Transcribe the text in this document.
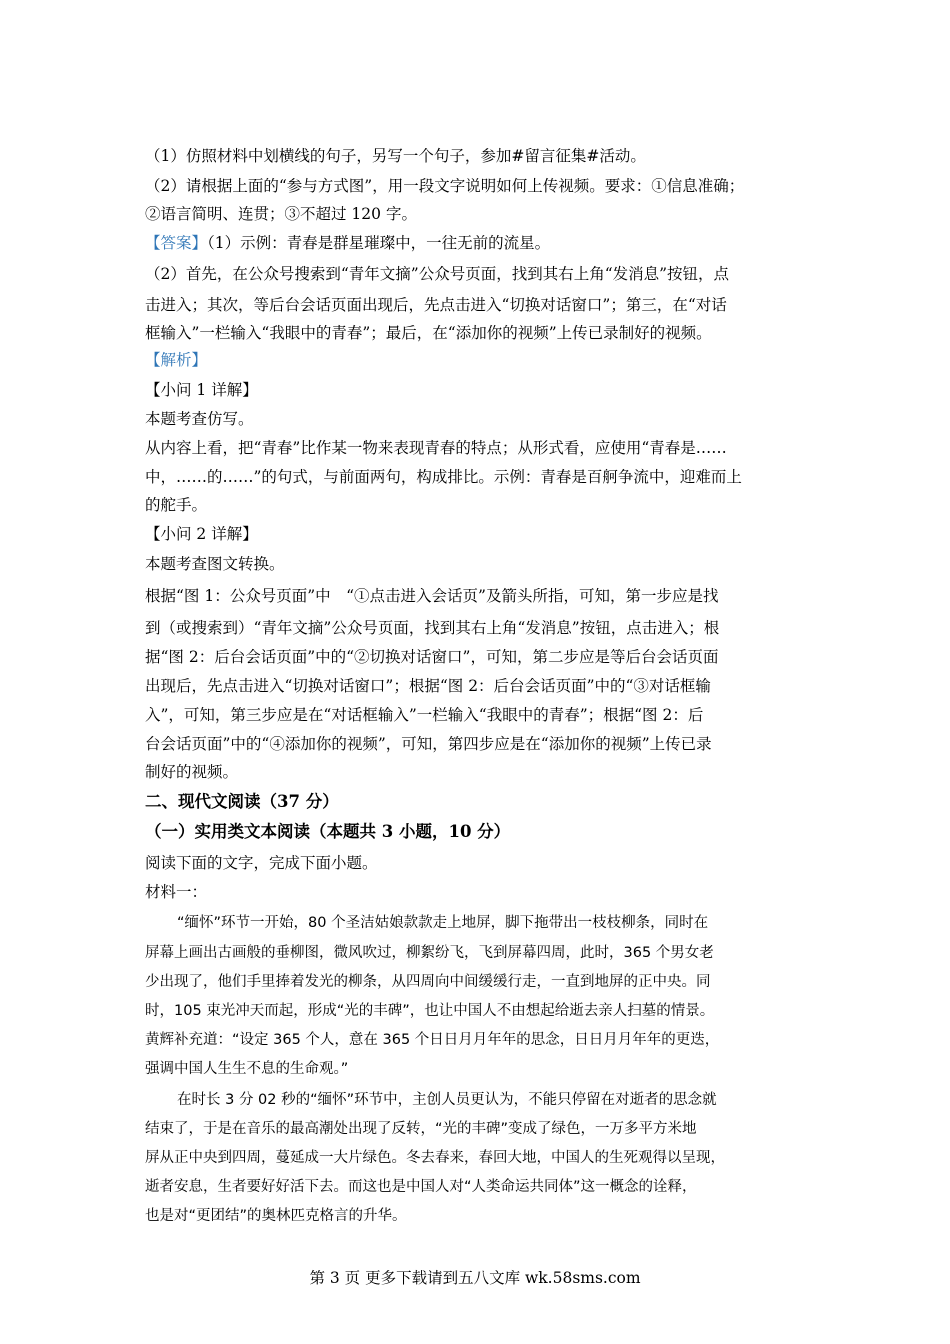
（1）仿照材料中划横线的句子，另写一个句子，参加#留言征集#活动。
（2）请根据上面的“参与方式图”，用一段文字说明如何上传视频。要求：①信息准确；
②语言简明、连贯；③不超过 120 字。
【答案】（1）示例：青春是群星璀璨中，一往无前的流星。
（2）首先，在公众号搜索到“青年文摘”公众号页面，找到其右上角“发消息”按钮，点
击进入；其次，等后台会话页面出现后，先点击进入“切换对话窗口”；第三，在“对话
框输入”一栏输入“我眼中的青春”；最后，在“添加你的视频”上传已录制好的视频。
【解析】
【小问 1 详解】
本题考查仿写。
从内容上看，把“青春”比作某一物来表现青春的特点；从形式看，应使用“青春是……
中，……的……”的句式，与前面两句，构成排比。示例：青春是百舸争流中，迎难而上
的舵手。
【小问 2 详解】
本题考查图文转换。
根据“图 1：公众号页面”中　“①点击进入会话页”及箭头所指，可知，第一步应是找
到（或搜索到）“青年文摘”公众号页面，找到其右上角“发消息”按钮，点击进入；根
据“图 2：后台会话页面”中的“②切换对话窗口”，可知，第二步应是等后台会话页面
出现后，先点击进入“切换对话窗口”；根据“图 2：后台会话页面”中的“③对话框输
入”，可知，第三步应是在“对话框输入”一栏输入“我眼中的青春”；根据“图 2：后
台会话页面”中的“④添加你的视频”，可知，第四步应是在“添加你的视频”上传已录
制好的视频。
二、现代文阅读（37 分）
（一）实用类文本阅读（本题共 3 小题，10 分）
阅读下面的文字，完成下面小题。
材料一：
“缅怀”环节一开始，80 个圣洁姑娘款款走上地屏，脚下拖带出一枝枝柳条，同时在
屏幕上画出古画般的垂柳图，微风吹过，柳絮纷飞，飞到屏幕四周，此时，365 个男女老
少出现了，他们手里捧着发光的柳条，从四周向中间缓缓行走，一直到地屏的正中央。同
时，105 束光冲天而起，形成“光的丰碑”，也让中国人不由想起给逝去亲人扫墓的情景。
黄辉补充道：“设定 365 个人，意在 365 个日日月月年年的思念，日日月月年年的更迭，
强调中国人生生不息的生命观。”
在时长 3 分 02 秒的“缅怀”环节中，主创人员更认为，不能只停留在对逝者的思念就
结束了，于是在音乐的最高潮处出现了反转，“光的丰碑”变成了绿色，一万多平方米地
屏从正中央到四周，蔓延成一大片绿色。冬去春来，春回大地，中国人的生死观得以呈现，
逝者安息，生者要好好活下去。而这也是中国人对“人类命运共同体”这一概念的诠释，
也是对“更团结”的奥林匹克格言的升华。
第 3 页 更多下载请到五八文库 wk.58sms.com
